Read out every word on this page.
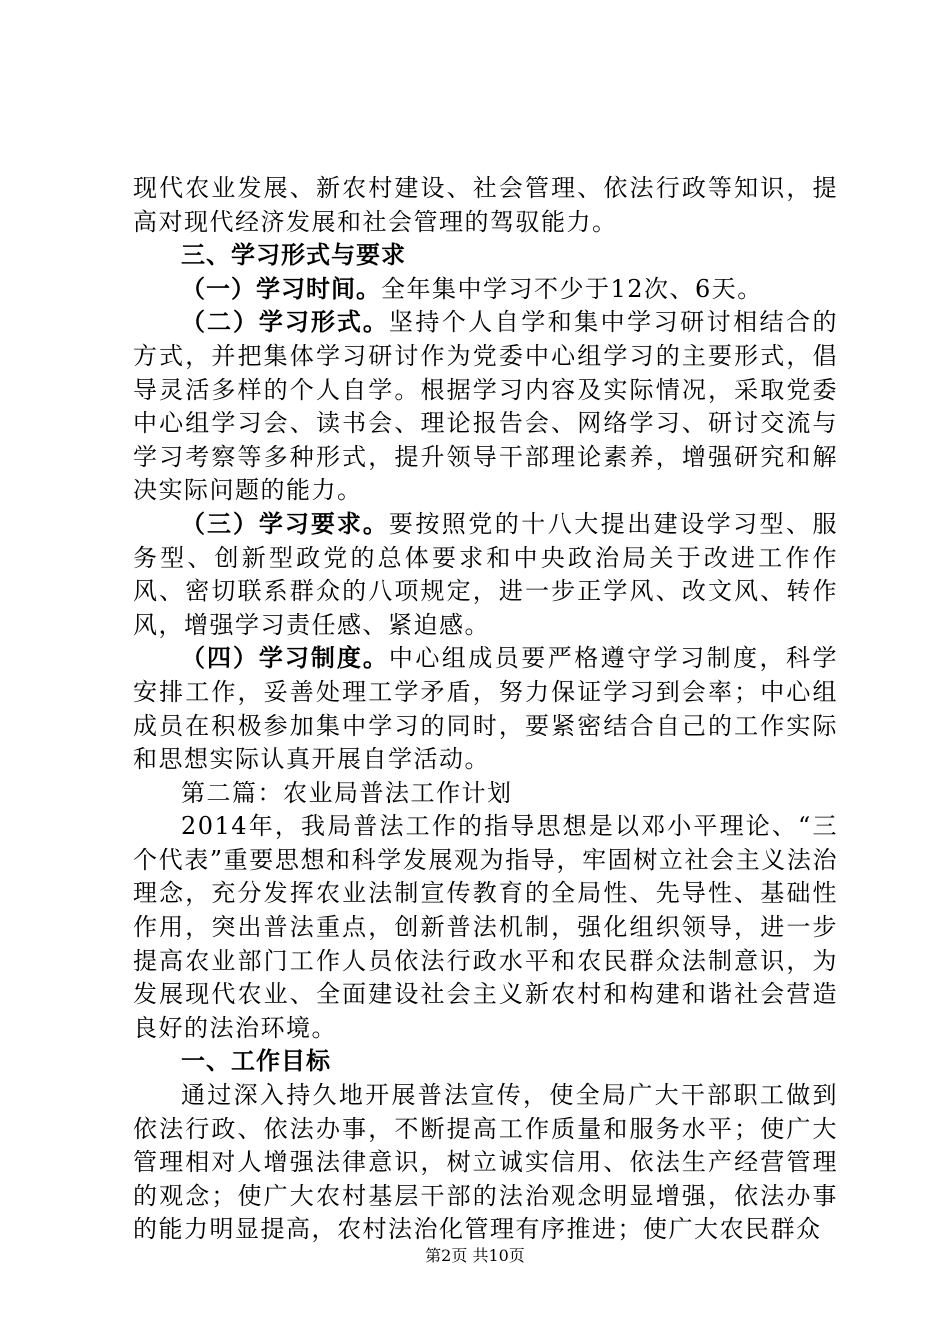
现代农业发展、新农村建设、社会管理、依法行政等知识，提高对现代经济发展和社会管理的驾驭能力。

三、学习形式与要求

（一）学习时间。全年集中学习不少于12次、6天。

（二）学习形式。坚持个人自学和集中学习研讨相结合的方式，并把集体学习研讨作为党委中心组学习的主要形式，倡导灵活多样的个人自学。根据学习内容及实际情况，采取党委中心组学习会、读书会、理论报告会、网络学习、研讨交流与学习考察等多种形式，提升领导干部理论素养，增强研究和解决实际问题的能力。

（三）学习要求。要按照党的十八大提出建设学习型、服务型、创新型政党的总体要求和中央政治局关于改进工作作风、密切联系群众的八项规定，进一步正学风、改文风、转作风，增强学习责任感、紧迫感。

（四）学习制度。中心组成员要严格遵守学习制度，科学安排工作，妥善处理工学矛盾，努力保证学习到会率；中心组成员在积极参加集中学习的同时，要紧密结合自己的工作实际和思想实际认真开展自学活动。

第二篇：农业局普法工作计划

2014年，我局普法工作的指导思想是以邓小平理论、“三个代表”重要思想和科学发展观为指导，牢固树立社会主义法治理念，充分发挥农业法制宣传教育的全局性、先导性、基础性作用，突出普法重点，创新普法机制，强化组织领导，进一步提高农业部门工作人员依法行政水平和农民群众法制意识，为发展现代农业、全面建设社会主义新农村和构建和谐社会营造良好的法治环境。

一、工作目标

通过深入持久地开展普法宣传，使全局广大干部职工做到依法行政、依法办事，不断提高工作质量和服务水平；使广大管理相对人增强法律意识，树立诚实信用、依法生产经营管理的观念；使广大农村基层干部的法治观念明显增强，依法办事的能力明显提高，农村法治化管理有序推进；使广大农民群众

第2页 共10页
